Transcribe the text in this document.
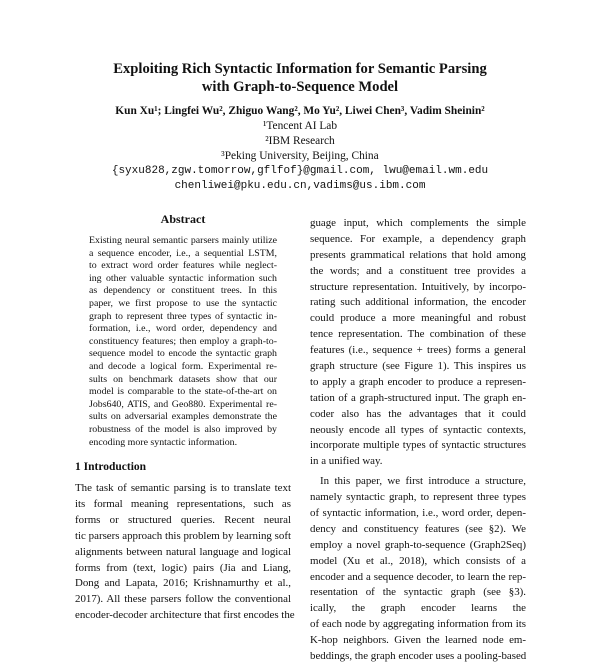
Exploiting Rich Syntactic Information for Semantic Parsing
with Graph-to-Sequence Model
Kun Xu¹; Lingfei Wu², Zhiguo Wang², Mo Yu², Liwei Chen³, Vadim Sheinin²
¹Tencent AI Lab
²IBM Research
³Peking University, Beijing, China
{syxu828,zgw.tomorrow,gflfof}@gmail.com, lwu@email.wm.edu
chenliwei@pku.edu.cn,vadims@us.ibm.com
Abstract
Existing neural semantic parsers mainly utilize
a sequence encoder, i.e., a sequential LSTM,
to extract word order features while neglect-
ing other valuable syntactic information such
as dependency or constituent trees. In this
paper, we first propose to use the syntactic
graph to represent three types of syntactic in-
formation, i.e., word order, dependency and
constituency features; then employ a graph-to-
sequence model to encode the syntactic graph
and decode a logical form. Experimental re-
sults on benchmark datasets show that our
model is comparable to the state-of-the-art on
Jobs640, ATIS, and Geo880. Experimental re-
sults on adversarial examples demonstrate the
robustness of the model is also improved by
encoding more syntactic information.
1 Introduction
The task of semantic parsing is to translate text
its formal meaning representations, such as
forms or structured queries. Recent neural
tic parsers approach this problem by learning soft
alignments between natural language and logical
forms from (text, logic) pairs (Jia and Liang,
Dong and Lapata, 2016; Krishnamurthy et al.,
2017). All these parsers follow the conventional
encoder-decoder architecture that first encodes the
guage input, which complements the simple
sequence. For example, a dependency graph
presents grammatical relations that hold among
the words; and a constituent tree provides a
structure representation. Intuitively, by incorpo-
rating such additional information, the encoder
could produce a more meaningful and robust
tence representation. The combination of these
features (i.e., sequence + trees) forms a general
graph structure (see Figure 1). This inspires us
to apply a graph encoder to produce a represen-
tation of a graph-structured input. The graph en-
coder also has the advantages that it could
neously encode all types of syntactic contexts,
incorporate multiple types of syntactic structures
in a unified way.
In this paper, we first introduce a structure,
namely syntactic graph, to represent three types
of syntactic information, i.e., word order, depen-
dency and constituency features (see §2). We
employ a novel graph-to-sequence (Graph2Seq)
model (Xu et al., 2018), which consists of a
encoder and a sequence decoder, to learn the rep-
resentation of the syntactic graph (see §3).
ically, the graph encoder learns the
of each node by aggregating information from its
K-hop neighbors. Given the learned node em-
beddings, the graph encoder uses a pooling-based
